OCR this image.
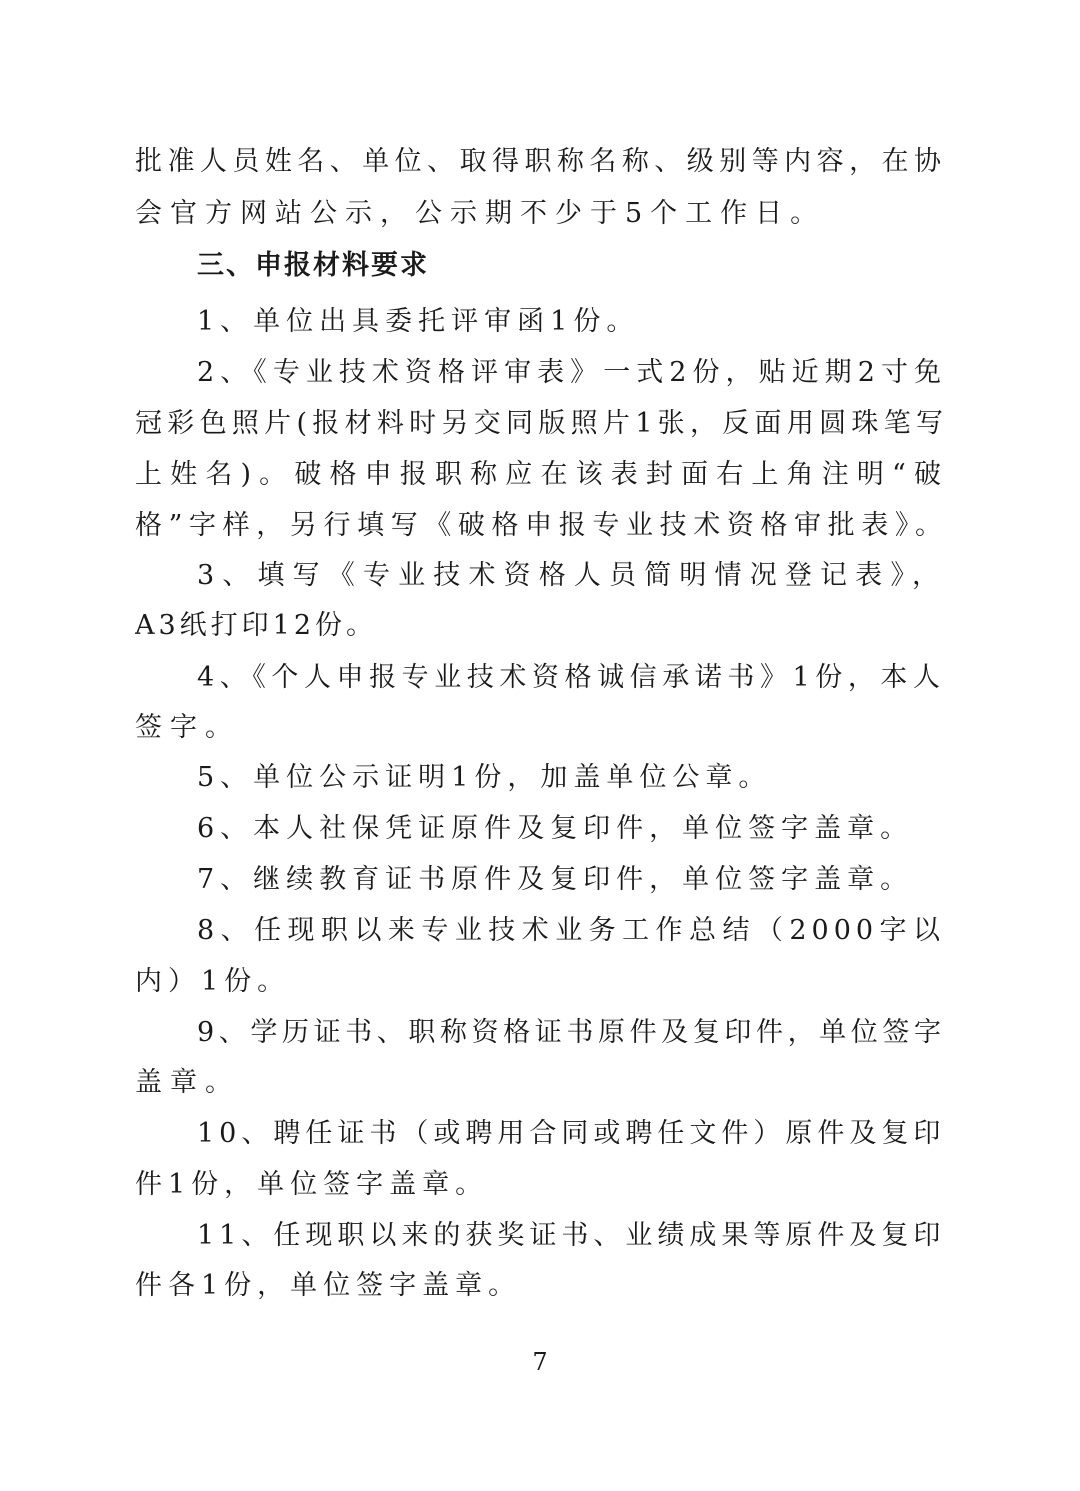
批准人员姓名、单位、取得职称名称、级别等内容，在协
会官方网站公示，公示期不少于5个工作日。
三、申报材料要求
1、单位出具委托评审函1份。
2、《专业技术资格评审表》一式2份，贴近期2寸免
冠彩色照片(报材料时另交同版照片1张，反面用圆珠笔写
上姓名)。破格申报职称应在该表封面右上角注明“破
格”字样，另行填写《破格申报专业技术资格审批表》。
3、填写《专业技术资格人员简明情况登记表》，
A3纸打印12份。
4、《个人申报专业技术资格诚信承诺书》1份，本人
签字。
5、单位公示证明1份，加盖单位公章。
6、本人社保凭证原件及复印件，单位签字盖章。
7、继续教育证书原件及复印件，单位签字盖章。
8、任现职以来专业技术业务工作总结（2000字以
内）1份。
9、学历证书、职称资格证书原件及复印件，单位签字
盖章。
10、聘任证书（或聘用合同或聘任文件）原件及复印
件1份，单位签字盖章。
11、任现职以来的获奖证书、业绩成果等原件及复印
件各1份，单位签字盖章。
7
